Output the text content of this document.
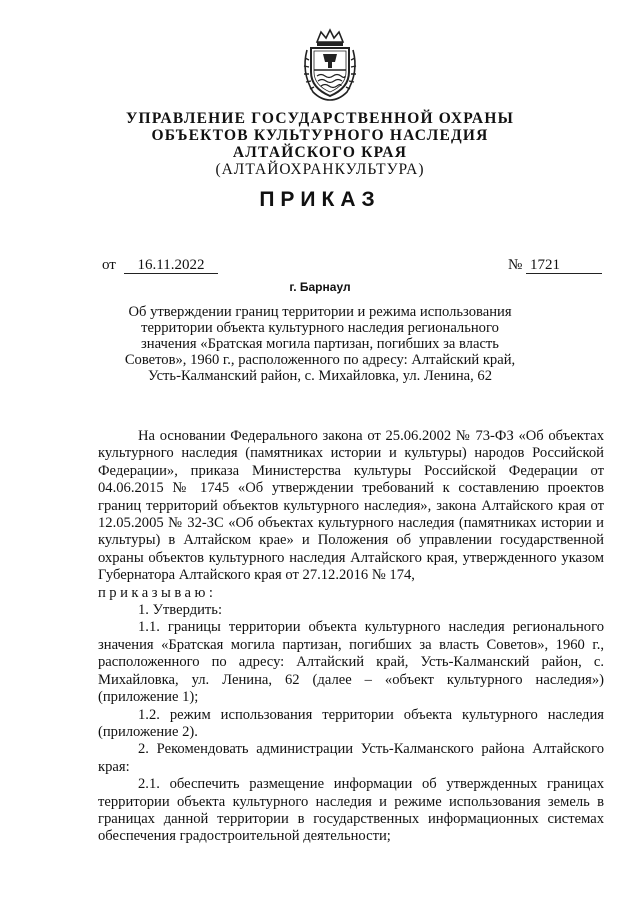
УПРАВЛЕНИЕ ГОСУДАРСТВЕННОЙ ОХРАНЫ
ОБЪЕКТОВ КУЛЬТУРНОГО НАСЛЕДИЯ
АЛТАЙСКОГО КРАЯ
(АЛТАЙОХРАНКУЛЬТУРА)
ПРИКАЗ
от	16.11.2022	№ 1721
г. Барнаул
Об утверждении границ территории и режима использования
территории объекта культурного наследия регионального
значения «Братская могила партизан, погибших за власть
Советов», 1960 г., расположенного по адресу: Алтайский край,
Усть-Калманский район, с. Михайловка, ул. Ленина, 62

На основании Федерального закона от 25.06.2002 № 73-ФЗ «Об объектах культурного наследия (памятниках истории и культуры) народов Российской Федерации», приказа Министерства культуры Российской Федерации от 04.06.2015 № 1745 «Об утверждении требований к составлению проектов границ территорий объектов культурного наследия», закона Алтайского края от 12.05.2005 № 32-ЗС «Об объектах культурного наследия (памятниках истории и культуры) в Алтайском крае» и Положения об управлении государственной охраны объектов культурного наследия Алтайского края, утвержденного указом Губернатора Алтайского края от 27.12.2016 № 174,

приказываю:

1. Утвердить:

1.1. границы территории объекта культурного наследия регионального значения «Братская могила партизан, погибших за власть Советов», 1960 г., расположенного по адресу: Алтайский край, Усть-Калманский район, с. Михайловка, ул. Ленина, 62 (далее – «объект культурного наследия») (приложение 1);

1.2. режим использования территории объекта культурного наследия (приложение 2).

2. Рекомендовать администрации Усть-Калманского района Алтайского края:

2.1. обеспечить размещение информации об утвержденных границах территории объекта культурного наследия и режиме использования земель в границах данной территории в государственных информационных системах обеспечения градостроительной деятельности;
